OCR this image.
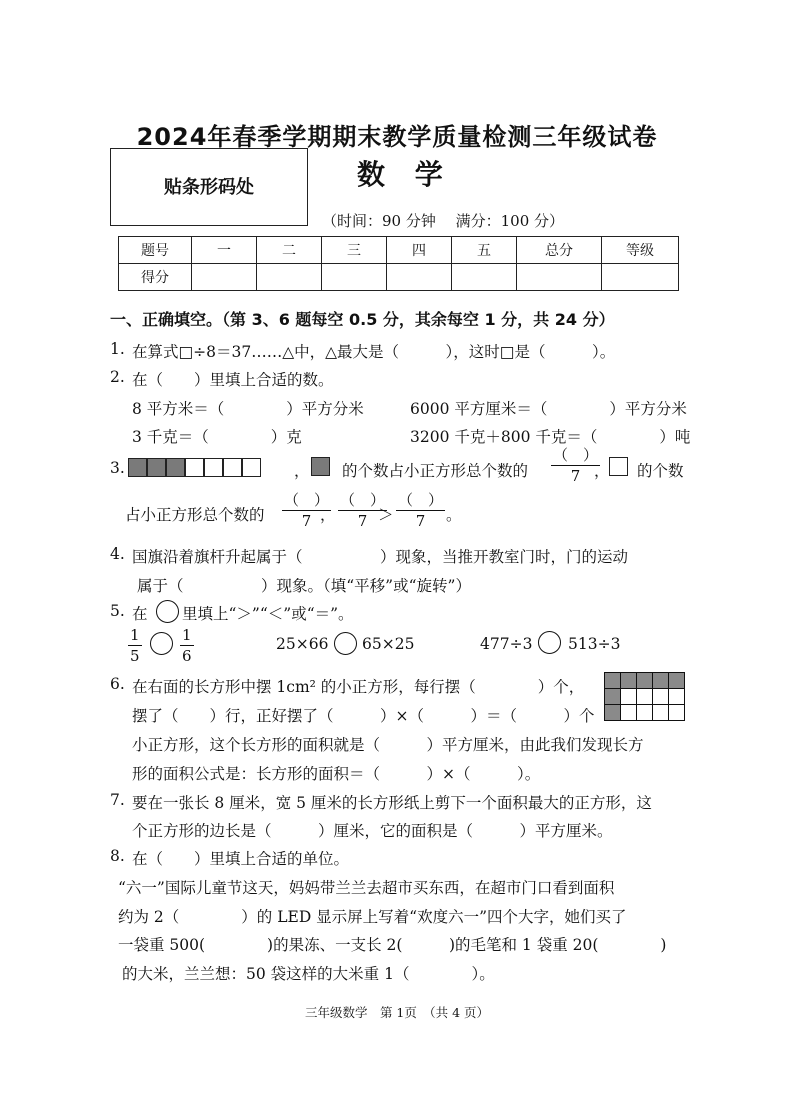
2024年春季学期期末教学质量检测三年级试卷
贴条形码处	数 学
（时间：90 分钟　 满分：100 分）
题号	一	二	三	四	五	总分	等级
得分							
一、正确填空。（第 3、6 题每空 0.5 分，其余每空 1 分，共 24 分）
1. 在算式□÷8＝37……△中，△最大是（　　　），这时□是（　　　）。
2. 在（　　）里填上合适的数。
8 平方米＝（　　　　）平方分米	6000 平方厘米＝（　　　　）平方分米
3 千克＝（　　　　）克	3200 千克＋800 千克＝（　　　　）吨
3.	， 的个数占小正方形总个数的
（　）
7 ， 的个数
占小正方形总个数的
（　）
7 ，
（　）
7 ＞
（　）
7	。
4. 国旗沿着旗杆升起属于（　　　　　）现象，当推开教室门时，门的运动
属于（　　　　　）现象。（填“平移”或“旋转”）
5. 在 里填上“＞”“＜”或“＝”。
$\frac{1}{5}$	$\frac{1}{6}$	25×66 65×25	477÷3 513÷3
6. 在右面的长方形中摆 1cm² 的小正方形，每行摆（　　　　）个，
摆了（　　）行，正好摆了（　　　）×（　　　）＝（　　　）个
小正方形，这个长方形的面积就是（　　　）平方厘米，由此我们发现长方
形的面积公式是：长方形的面积＝（　　　）×（　　　）。

7. 要在一张长 8 厘米，宽 5 厘米的长方形纸上剪下一个面积最大的正方形，这
个正方形的边长是（　　　）厘米，它的面积是（　　　）平方厘米。
8. 在（　　）里填上合适的单位。
“六一”国际儿童节这天，妈妈带兰兰去超市买东西，在超市门口看到面积
约为 2（　　　　）的 LED 显示屏上写着“欢度六一”四个大字，她们买了
一袋重 500(　　　　)的果冻、一支长 2(　　　)的毛笔和 1 袋重 20(　　　　)
的大米，兰兰想：50 袋这样的大米重 1（　　　　）。
三年级数学　第 1页　（共 4 页）
